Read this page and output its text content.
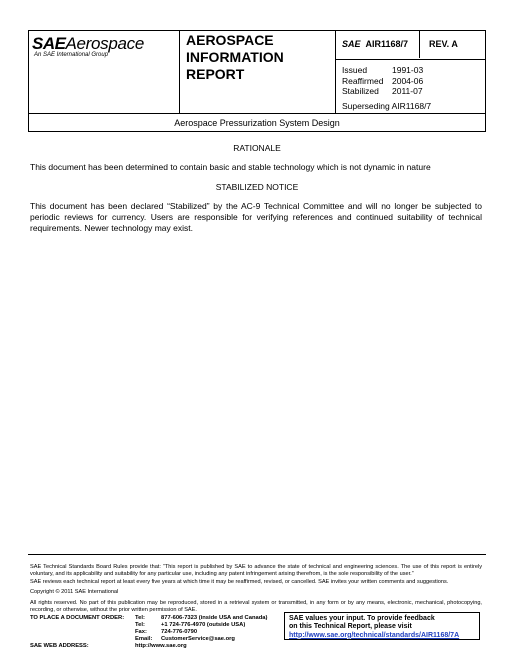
SAEAerospace
An SAE International Group
AEROSPACE
INFORMATION
REPORT
SAE AIR1168/7 REV. A
Issued	1991-03
Reaffirmed	2004-06
Stabilized	2011-07
Superseding AIR1168/7
Aerospace Pressurization System Design
RATIONALE
This document has been determined to contain basic and stable technology which is not dynamic in nature
STABILIZED NOTICE
This document has been declared “Stabilized” by the AC-9 Technical Committee and will no longer be subjected to periodic reviews for currency. Users are responsible for verifying references and continued suitability of technical requirements. Newer technology may exist.
SAE Technical Standards Board Rules provide that: “This report is published by SAE to advance the state of technical and engineering sciences. The use of this report is entirely voluntary, and its applicability and suitability for any particular use, including any patent infringement arising therefrom, is the sole responsibility of the user.”
SAE reviews each technical report at least every five years at which time it may be reaffirmed, revised, or cancelled. SAE invites your written comments and suggestions.
Copyright © 2011 SAE International
All rights reserved. No part of this publication may be reproduced, stored in a retrieval system or transmitted, in any form or by any means, electronic, mechanical, photocopying, recording, or otherwise, without the prior written permission of SAE.
TO PLACE A DOCUMENT ORDER: Tel:	877-606-7323 (inside USA and Canada)
Tel:	+1 724-776-4970 (outside USA)
Fax:	724-776-0790
Email:	CustomerService@sae.org
SAE WEB ADDRESS:	http://www.sae.org
SAE values your input. To provide feedback
on this Technical Report, please visit
http://www.sae.org/technical/standards/AIR1168/7A
